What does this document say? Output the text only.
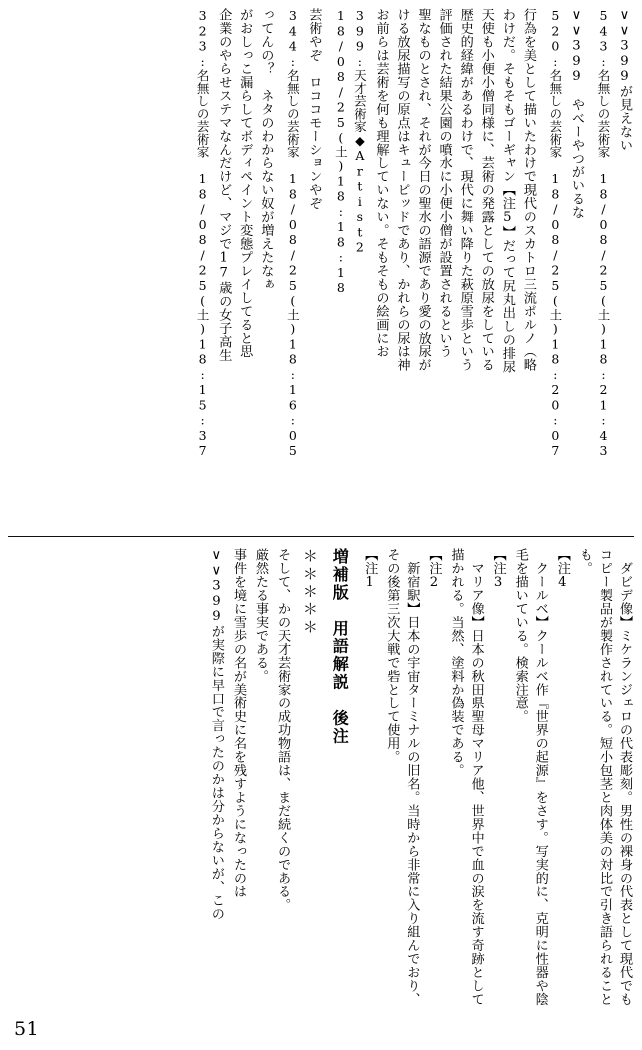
323:名無しの芸術家　18/08/25(土)18:15:37 企業のやらせステマなんだけど、マジで17歳の女子高生 がおしっこ漏らしてボディペイント変態プレイしてると思 ってんの？　ネタのわからない奴が増えたなぁ 344:名無しの芸術家　18/08/25(土)18:16:05 芸術やぞ　ロココモーションやぞ	399:天才芸術家◆Artist2　18/08/25(土)18:18:18	お前らは芸術を何も理解していない。そもそもの絵画にお ける放尿描写の原点はキューピッドであり、かれらの尿は神 聖なものとされ、それが今日の聖水の語源であり愛の放尿が 評価された結果公園の噴水に小便小僧が設置されるという 歴史的経緯があるわけで、現代に舞い降りた萩原雪歩という 天使も小便小僧同様に、芸術の発露としての放尿をしている わけだ。そもそもゴーギャン【注5】だって尻丸出しの排尿 行為を美として描いたわけで現代のスカトロ三流ポルノ（略 520:名無しの芸術家　18/08/25(土)18:20:07 ∨∨399　やべーやつがいるな 543:名無しの芸術家　18/08/25(土)18:21:43 ∨∨399が見えない
∨∨399が実際に早口で言ったのかは分からないが、この 事件を境に雪歩の名が美術史に名を残すようになったのは 厳然たる事実である。 そして、かの天才芸術家の成功物語は、まだ続くのである。 ＊＊＊＊＊ 増補版　用語解説　後注 【注1	　新宿駅】日本の宇宙ターミナルの旧名。当時から非常に入り組んでおり、その後第三次大戦で砦として使用。	【注2	　マリア像】日本の秋田県聖母マリア他、世界中で血の涙を流す奇跡として描かれる。当然、塗料か偽装である。	【注3	　クールベ】クールベ作『世界の起源』をさす。写実的に、克明に性器や陰毛を描いている。検索注意。	【注4	　ダビデ像】ミケランジェロの代表彫刻。男性の裸身の代表として現代でもコピー製品が製作されている。短小包茎と肉体美の対比で引き語られることも。
51
